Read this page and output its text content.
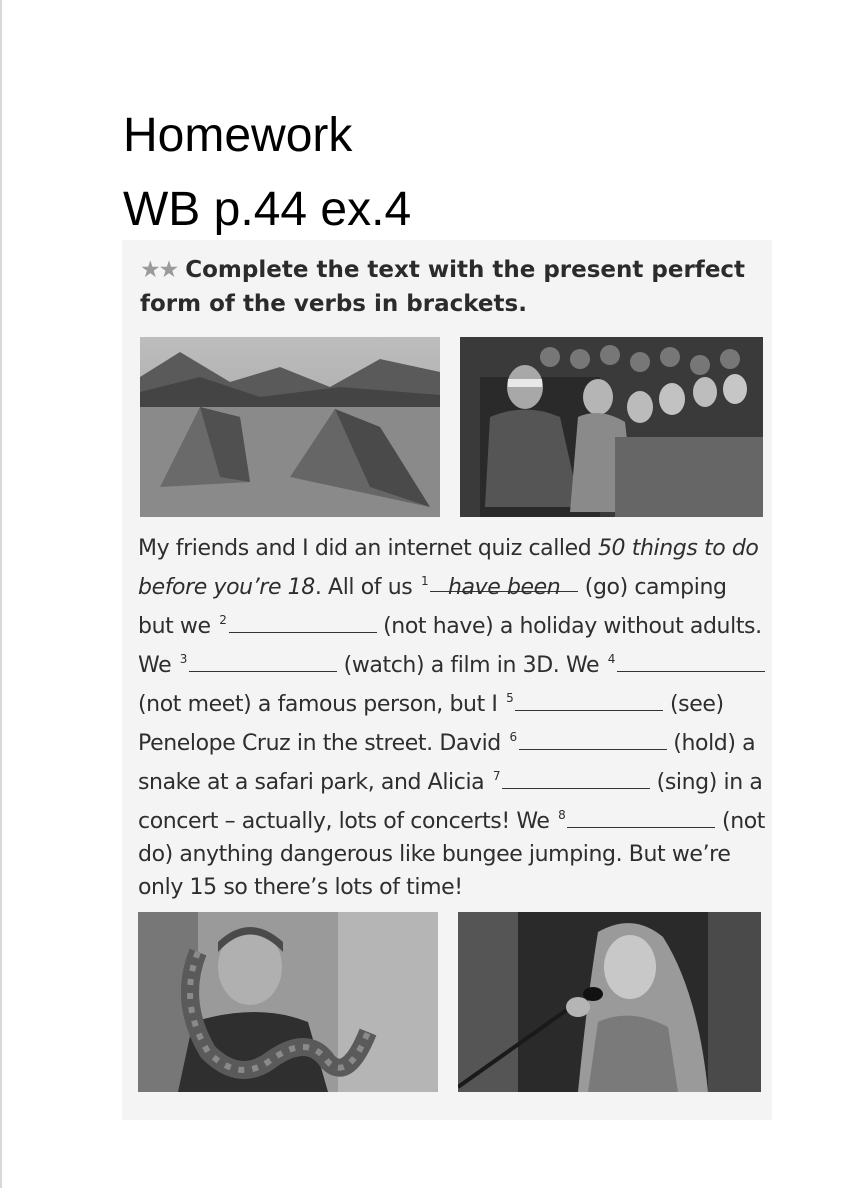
Homework
WB p.44 ex.4
★★ Complete the text with the present perfect form of the verbs in brackets.
My friends and I did an internet quiz called 50 things to do before you’re 18. All of us $^1$ have been (go) camping but we $^2$	(not have) a holiday without adults. We $^3$	(watch) a film in 3D. We $^4$ (not meet) a famous person, but I $^5$	(see) Penelope Cruz in the street. David $^6$	(hold) a snake at a safari park, and Alicia $^7$	(sing) in a concert – actually, lots of concerts! We $^8$	(not do) anything dangerous like bungee jumping. But we’re only 15 so there’s lots of time!
